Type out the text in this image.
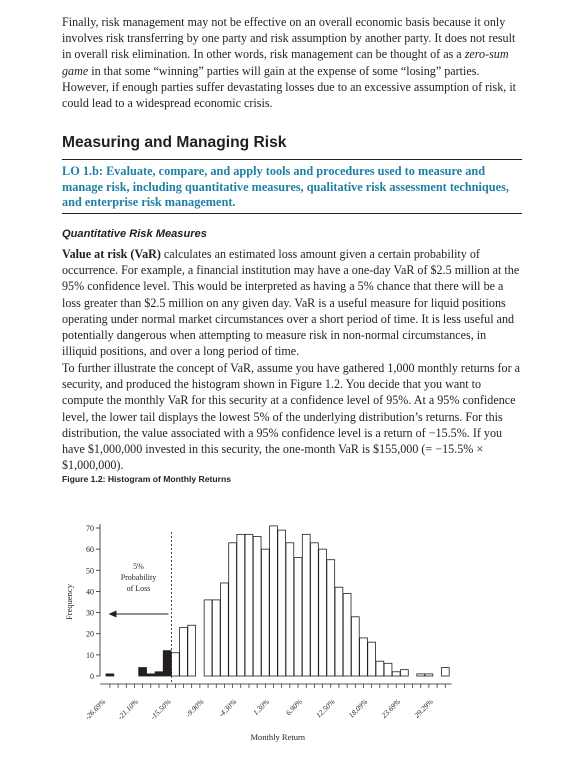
Finally, risk management may not be effective on an overall economic basis because it only involves risk transferring by one party and risk assumption by another party. It does not result in overall risk elimination. In other words, risk management can be thought of as a zero-sum game in that some “winning” parties will gain at the expense of some “losing” parties. However, if enough parties suffer devastating losses due to an excessive assumption of risk, it could lead to a widespread economic crisis.

Measuring and Managing Risk
LO 1.b: Evaluate, compare, and apply tools and procedures used to measure and manage risk, including quantitative measures, qualitative risk assessment techniques, and enterprise risk management.
Quantitative Risk Measures

Value at risk (VaR) calculates an estimated loss amount given a certain probability of occurrence. For example, a financial institution may have a one-day VaR of $2.5 million at the 95% confidence level. This would be interpreted as having a 5% chance that there will be a loss greater than $2.5 million on any given day. VaR is a useful measure for liquid positions operating under normal market circumstances over a short period of time. It is less useful and potentially dangerous when attempting to measure risk in non-normal circumstances, in illiquid positions, and over a long period of time.

To further illustrate the concept of VaR, assume you have gathered 1,000 monthly returns for a security, and produced the histogram shown in Figure 1.2. You decide that you want to compute the monthly VaR for this security at a confidence level of 95%. At a 95% confidence level, the lower tail displays the lowest 5% of the underlying distribution’s returns. For this distribution, the value associated with a 95% confidence level is a return of −15.5%. If you have $1,000,000 invested in this security, the one-month VaR is $155,000 (= −15.5% × $1,000,000).

Figure 1.2: Histogram of Monthly Returns
0
10
20
30
40
50
60
70
-26.69% -21.10% -15.50% -9.90% -4.30% 1.30% 6.90% 12.50% 18.09% 23.69% 29.29%
5%
Probability
of Loss
Frequency
Monthly Return
